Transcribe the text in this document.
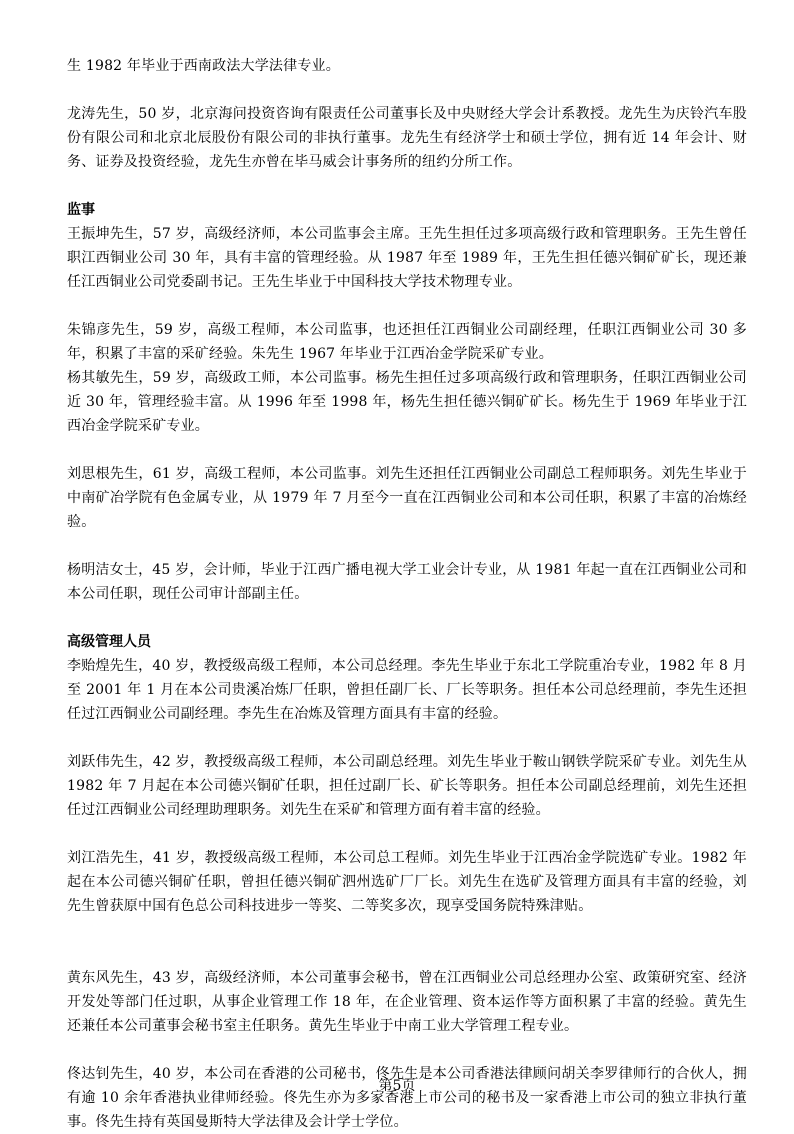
生 1982 年毕业于西南政法大学法律专业。

龙涛先生，50 岁，北京海问投资咨询有限责任公司董事长及中央财经大学会计系教授。龙先生为庆铃汽车股份有限公司和北京北辰股份有限公司的非执行董事。龙先生有经济学士和硕士学位，拥有近 14 年会计、财务、证券及投资经验，龙先生亦曾在毕马威会计事务所的纽约分所工作。

监事

王振坤先生，57 岁，高级经济师，本公司监事会主席。王先生担任过多项高级行政和管理职务。王先生曾任职江西铜业公司 30 年，具有丰富的管理经验。从 1987 年至 1989 年，王先生担任德兴铜矿矿长，现还兼任江西铜业公司党委副书记。王先生毕业于中国科技大学技术物理专业。

朱锦彦先生，59 岁，高级工程师，本公司监事，也还担任江西铜业公司副经理，任职江西铜业公司 30 多年，积累了丰富的采矿经验。朱先生 1967 年毕业于江西冶金学院采矿专业。

杨其敏先生，59 岁，高级政工师，本公司监事。杨先生担任过多项高级行政和管理职务，任职江西铜业公司近 30 年，管理经验丰富。从 1996 年至 1998 年，杨先生担任德兴铜矿矿长。杨先生于 1969 年毕业于江西冶金学院采矿专业。

刘思根先生，61 岁，高级工程师，本公司监事。刘先生还担任江西铜业公司副总工程师职务。刘先生毕业于中南矿冶学院有色金属专业，从 1979 年 7 月至今一直在江西铜业公司和本公司任职，积累了丰富的冶炼经验。

杨明洁女士，45 岁，会计师，毕业于江西广播电视大学工业会计专业，从 1981 年起一直在江西铜业公司和本公司任职，现任公司审计部副主任。

高级管理人员

李贻煌先生，40 岁，教授级高级工程师，本公司总经理。李先生毕业于东北工学院重冶专业，1982 年 8 月至 2001 年 1 月在本公司贵溪冶炼厂任职，曾担任副厂长、厂长等职务。担任本公司总经理前，李先生还担任过江西铜业公司副经理。李先生在冶炼及管理方面具有丰富的经验。

刘跃伟先生，42 岁，教授级高级工程师，本公司副总经理。刘先生毕业于鞍山钢铁学院采矿专业。刘先生从 1982 年 7 月起在本公司德兴铜矿任职，担任过副厂长、矿长等职务。担任本公司副总经理前，刘先生还担任过江西铜业公司经理助理职务。刘先生在采矿和管理方面有着丰富的经验。

刘江浩先生，41 岁，教授级高级工程师，本公司总工程师。刘先生毕业于江西冶金学院选矿专业。1982 年起在本公司德兴铜矿任职，曾担任德兴铜矿泗州选矿厂厂长。刘先生在选矿及管理方面具有丰富的经验，刘先生曾获原中国有色总公司科技进步一等奖、二等奖多次，现享受国务院特殊津贴。

黄东风先生，43 岁，高级经济师，本公司董事会秘书，曾在江西铜业公司总经理办公室、政策研究室、经济开发处等部门任过职，从事企业管理工作 18 年，在企业管理、资本运作等方面积累了丰富的经验。黄先生还兼任本公司董事会秘书室主任职务。黄先生毕业于中南工业大学管理工程专业。

佟达钊先生，40 岁，本公司在香港的公司秘书，佟先生是本公司香港法律顾问胡关李罗律师行的合伙人，拥有逾 10 余年香港执业律师经验。佟先生亦为多家香港上市公司的秘书及一家香港上市公司的独立非执行董事。佟先生持有英国曼斯特大学法律及会计学士学位。

第5页
